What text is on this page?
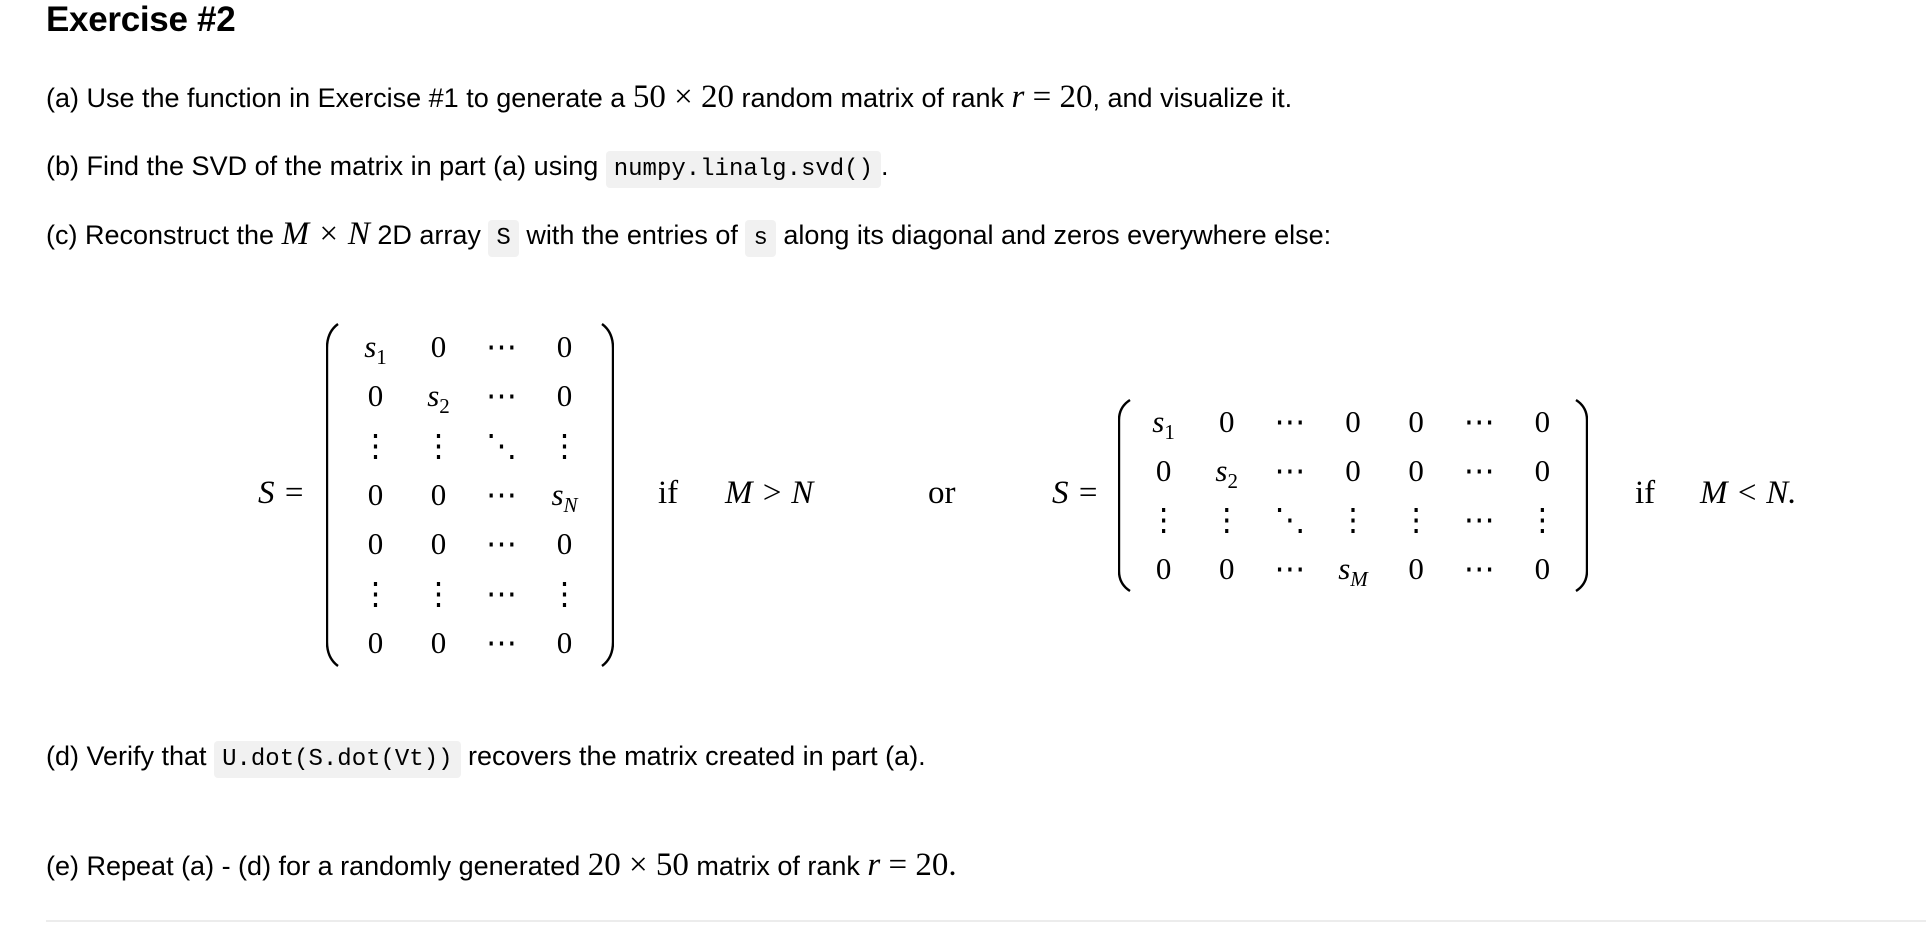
Exercise #2
(a) Use the function in Exercise #1 to generate a 50 × 20 random matrix of rank r = 20, and visualize it.
(b) Find the SVD of the matrix in part (a) using numpy.linalg.svd() .
(c) Reconstruct the M × N 2D array S with the entries of s along its diagonal and zeros everywhere else:
S =
$s_1$	0	⋯	0
0	$s_2$	⋯	0
⋮	⋮	⋱	⋮
0	0	⋯	$s_N$
0	0	⋯	0
⋮	⋮	⋯	⋮
0	0	⋯	0
if M > N	or	S =
$s_1$	0	⋯	0	0	⋯	0
0	$s_2$	⋯	0	0	⋯	0
⋮	⋮	⋱	⋮	⋮	⋯	⋮
0	0	⋯	$s_M$	0	⋯	0
if M < N.
(d) Verify that U.dot(S.dot(Vt)) recovers the matrix created in part (a).
(e) Repeat (a) - (d) for a randomly generated 20 × 50 matrix of rank r = 20.
